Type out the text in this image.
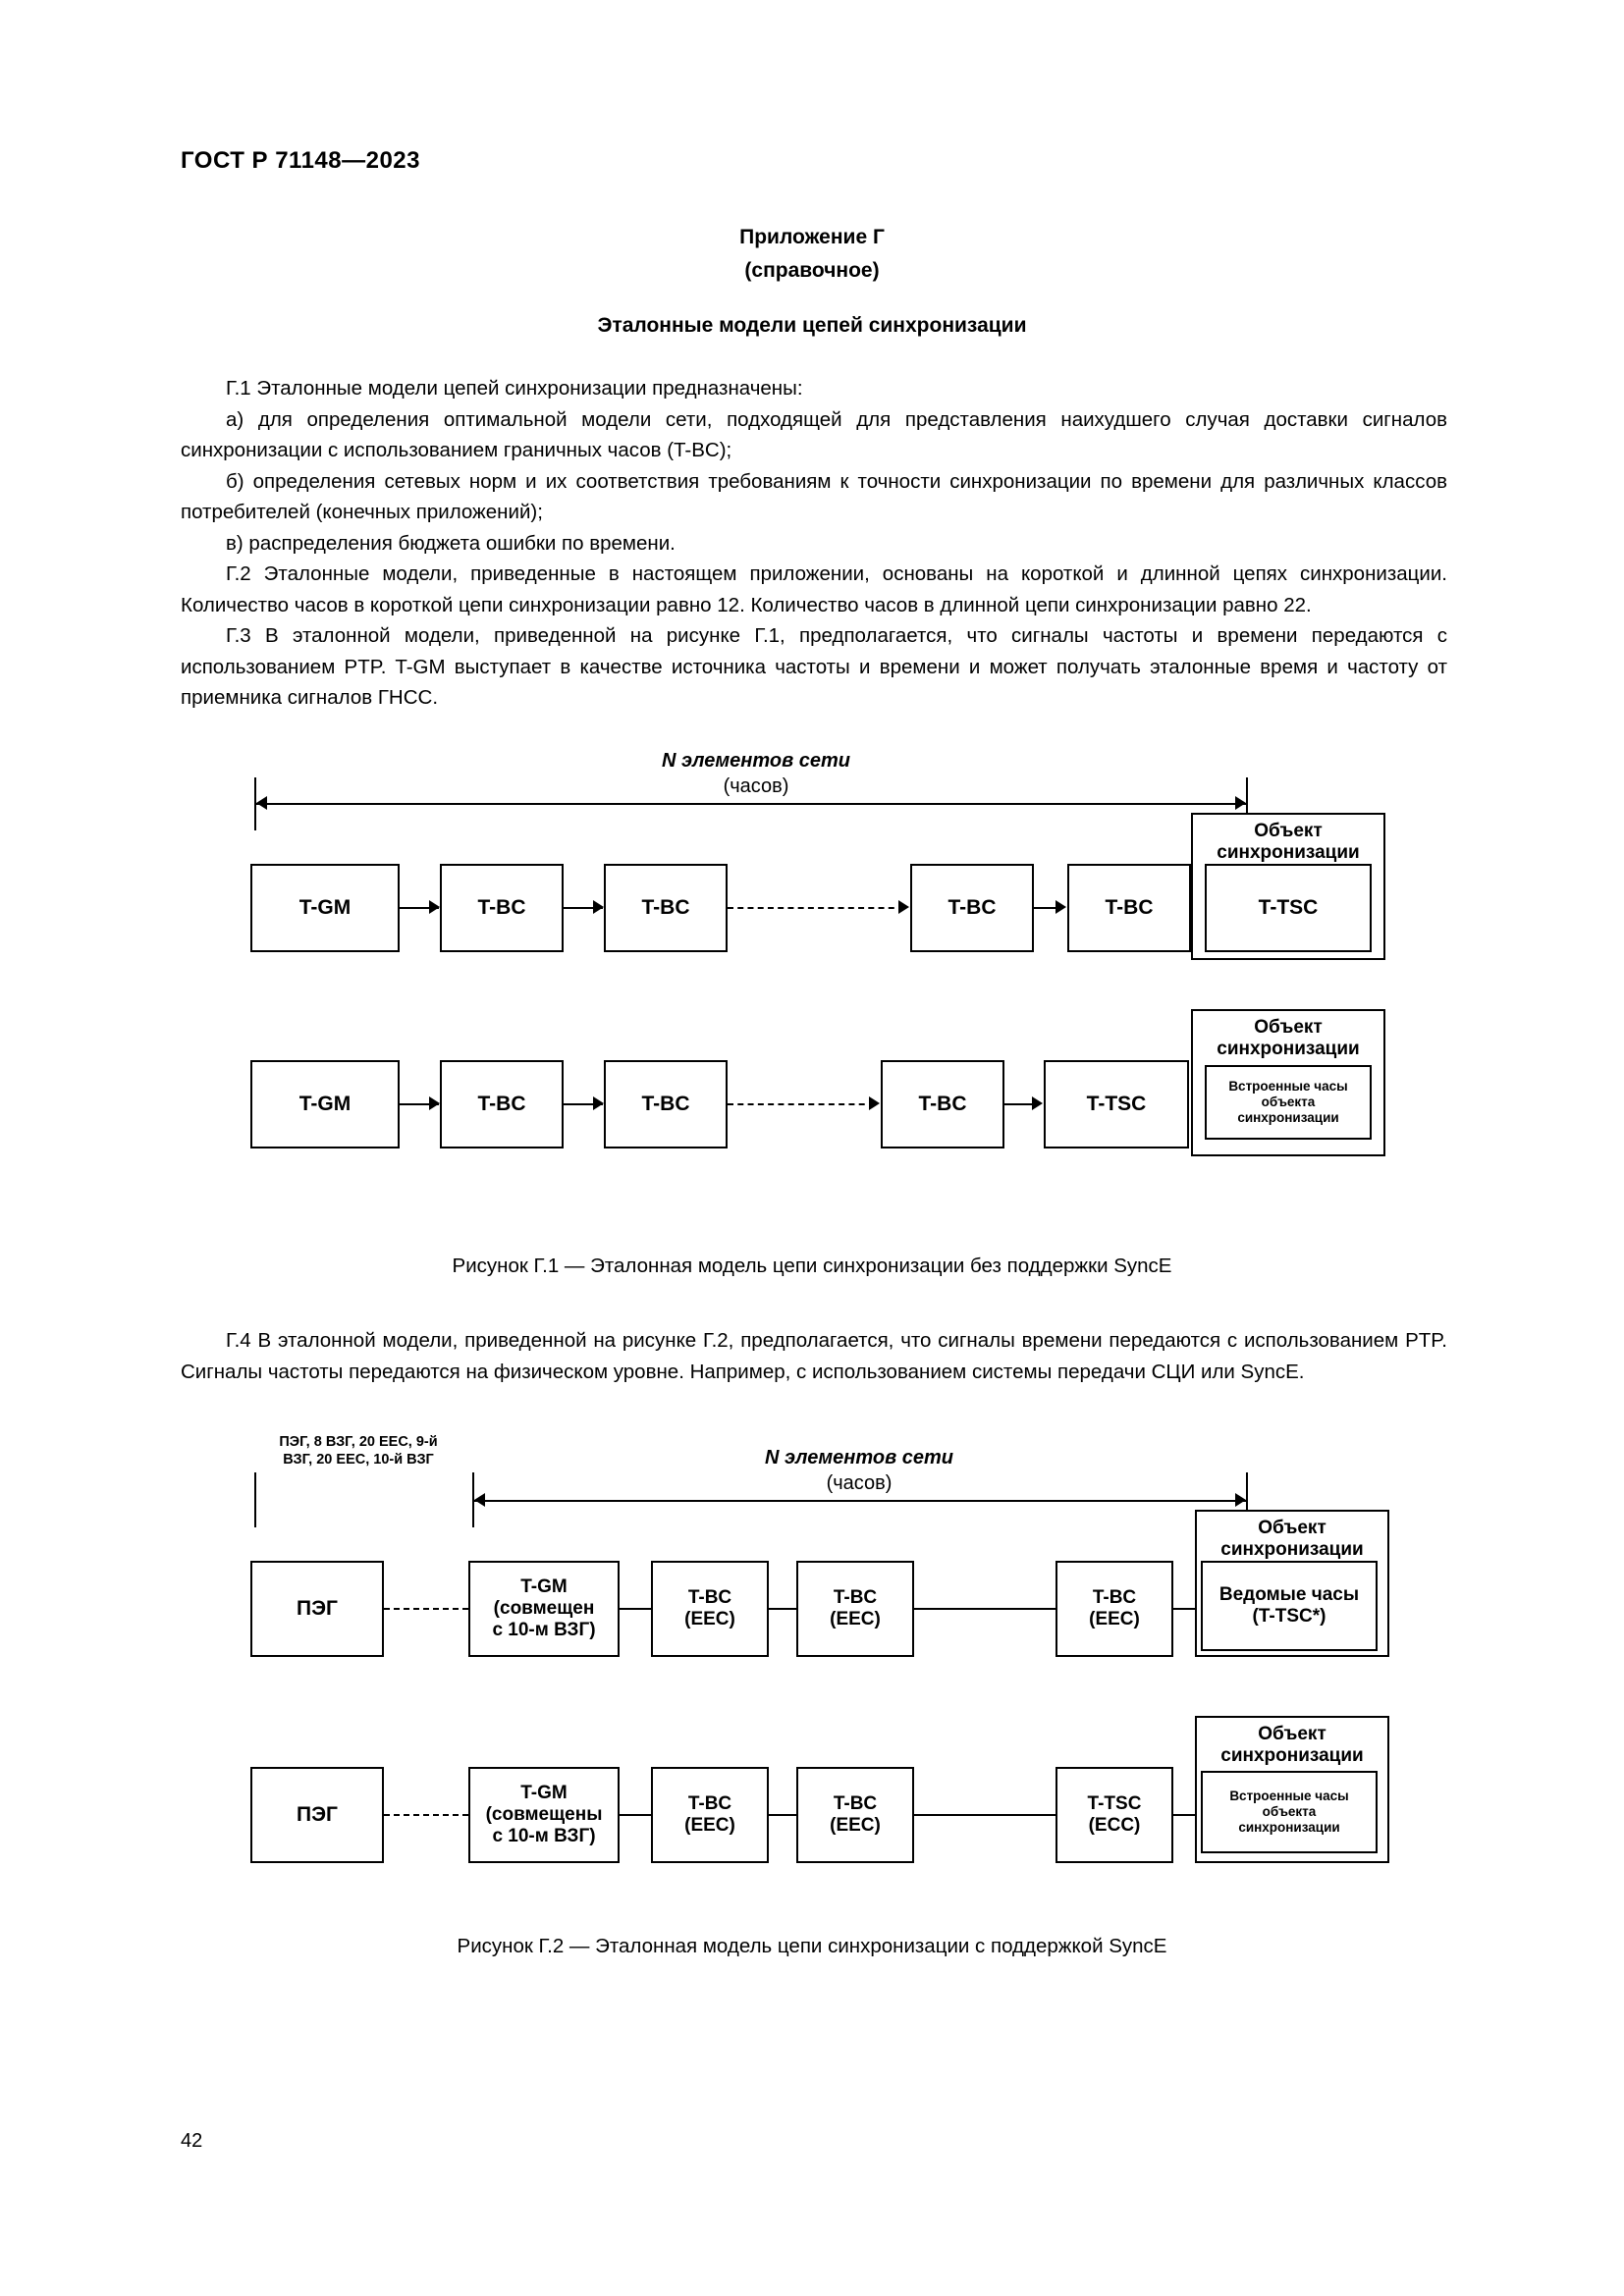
ГОСТ Р 71148—2023
Приложение Г
(справочное)
Эталонные модели цепей синхронизации

Г.1 Эталонные модели цепей синхронизации предназначены:

а) для определения оптимальной модели сети, подходящей для представления наихудшего случая доставки сигналов синхронизации с использованием граничных часов (T-BC);

б) определения сетевых норм и их соответствия требованиям к точности синхронизации по времени для различных классов потребителей (конечных приложений);

в) распределения бюджета ошибки по времени.

Г.2 Эталонные модели, приведенные в настоящем приложении, основаны на короткой и длинной цепях синхронизации. Количество часов в короткой цепи синхронизации равно 12. Количество часов в длинной цепи синхронизации равно 22.

Г.3 В эталонной модели, приведенной на рисунке Г.1, предполагается, что сигналы частоты и времени передаются с использованием PTP. T-GM выступает в качестве источника частоты и времени и может получать эталонные время и частоту от приемника сигналов ГНСС.

N элементов сети
(часов)
T-GM	T-BC	T-BC	T-BC	T-BC
Объект
синхронизации
T-TSC
T-GM	T-BC	T-BC	T-BC	T-TSC
Объект
синхронизации
Встроенные часы
объекта
синхронизации
Рисунок Г.1 — Эталонная модель цепи синхронизации без поддержки SyncE

Г.4 В эталонной модели, приведенной на рисунке Г.2, предполагается, что сигналы времени передаются с использованием PTP. Сигналы частоты передаются на физическом уровне. Например, с использованием системы передачи СЦИ или SyncE.

ПЭГ, 8 ВЗГ, 20 ЕЕС, 9-й
ВЗГ, 20 ЕЕС, 10-й ВЗГ	N элементов сети
(часов)
ПЭГ
T-GM
(совмещен
с 10-м ВЗГ)
T-BC
(EEC)
T-BC
(EEC)
T-BC
(EEC)
Объект
синхронизации
Ведомые часы
(T-TSC*)
ПЭГ
T-GM
(совмещены
с 10-м ВЗГ)
T-BC
(EEC)
T-BC
(EEC)
T-TSC
(ECC)
Объект
синхронизации
Встроенные часы
объекта
синхронизации
Рисунок Г.2 — Эталонная модель цепи синхронизации с поддержкой SyncE
42
